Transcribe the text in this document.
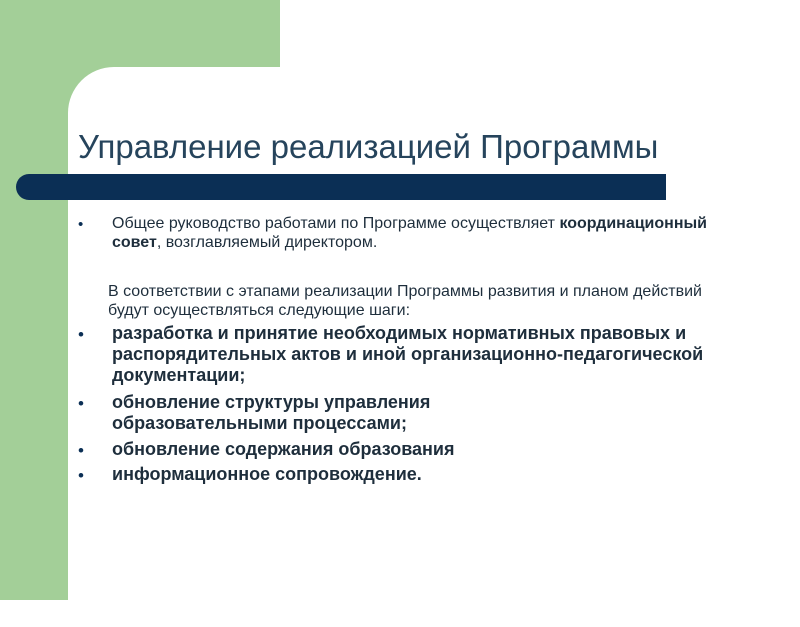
Управление реализацией Программы
•	Общее руководство работами по Программе осуществляет координационный совет, возглавляемый директором.
В соответствии с этапами реализации Программы развития и планом действий будут осуществляться следующие шаги:
•	разработка и принятие необходимых нормативных правовых и распорядительных актов и иной организационно-педагогической документации;
•	обновление структуры управления образовательными процессами;
•	обновление содержания образования
•	информационное сопровождение.
